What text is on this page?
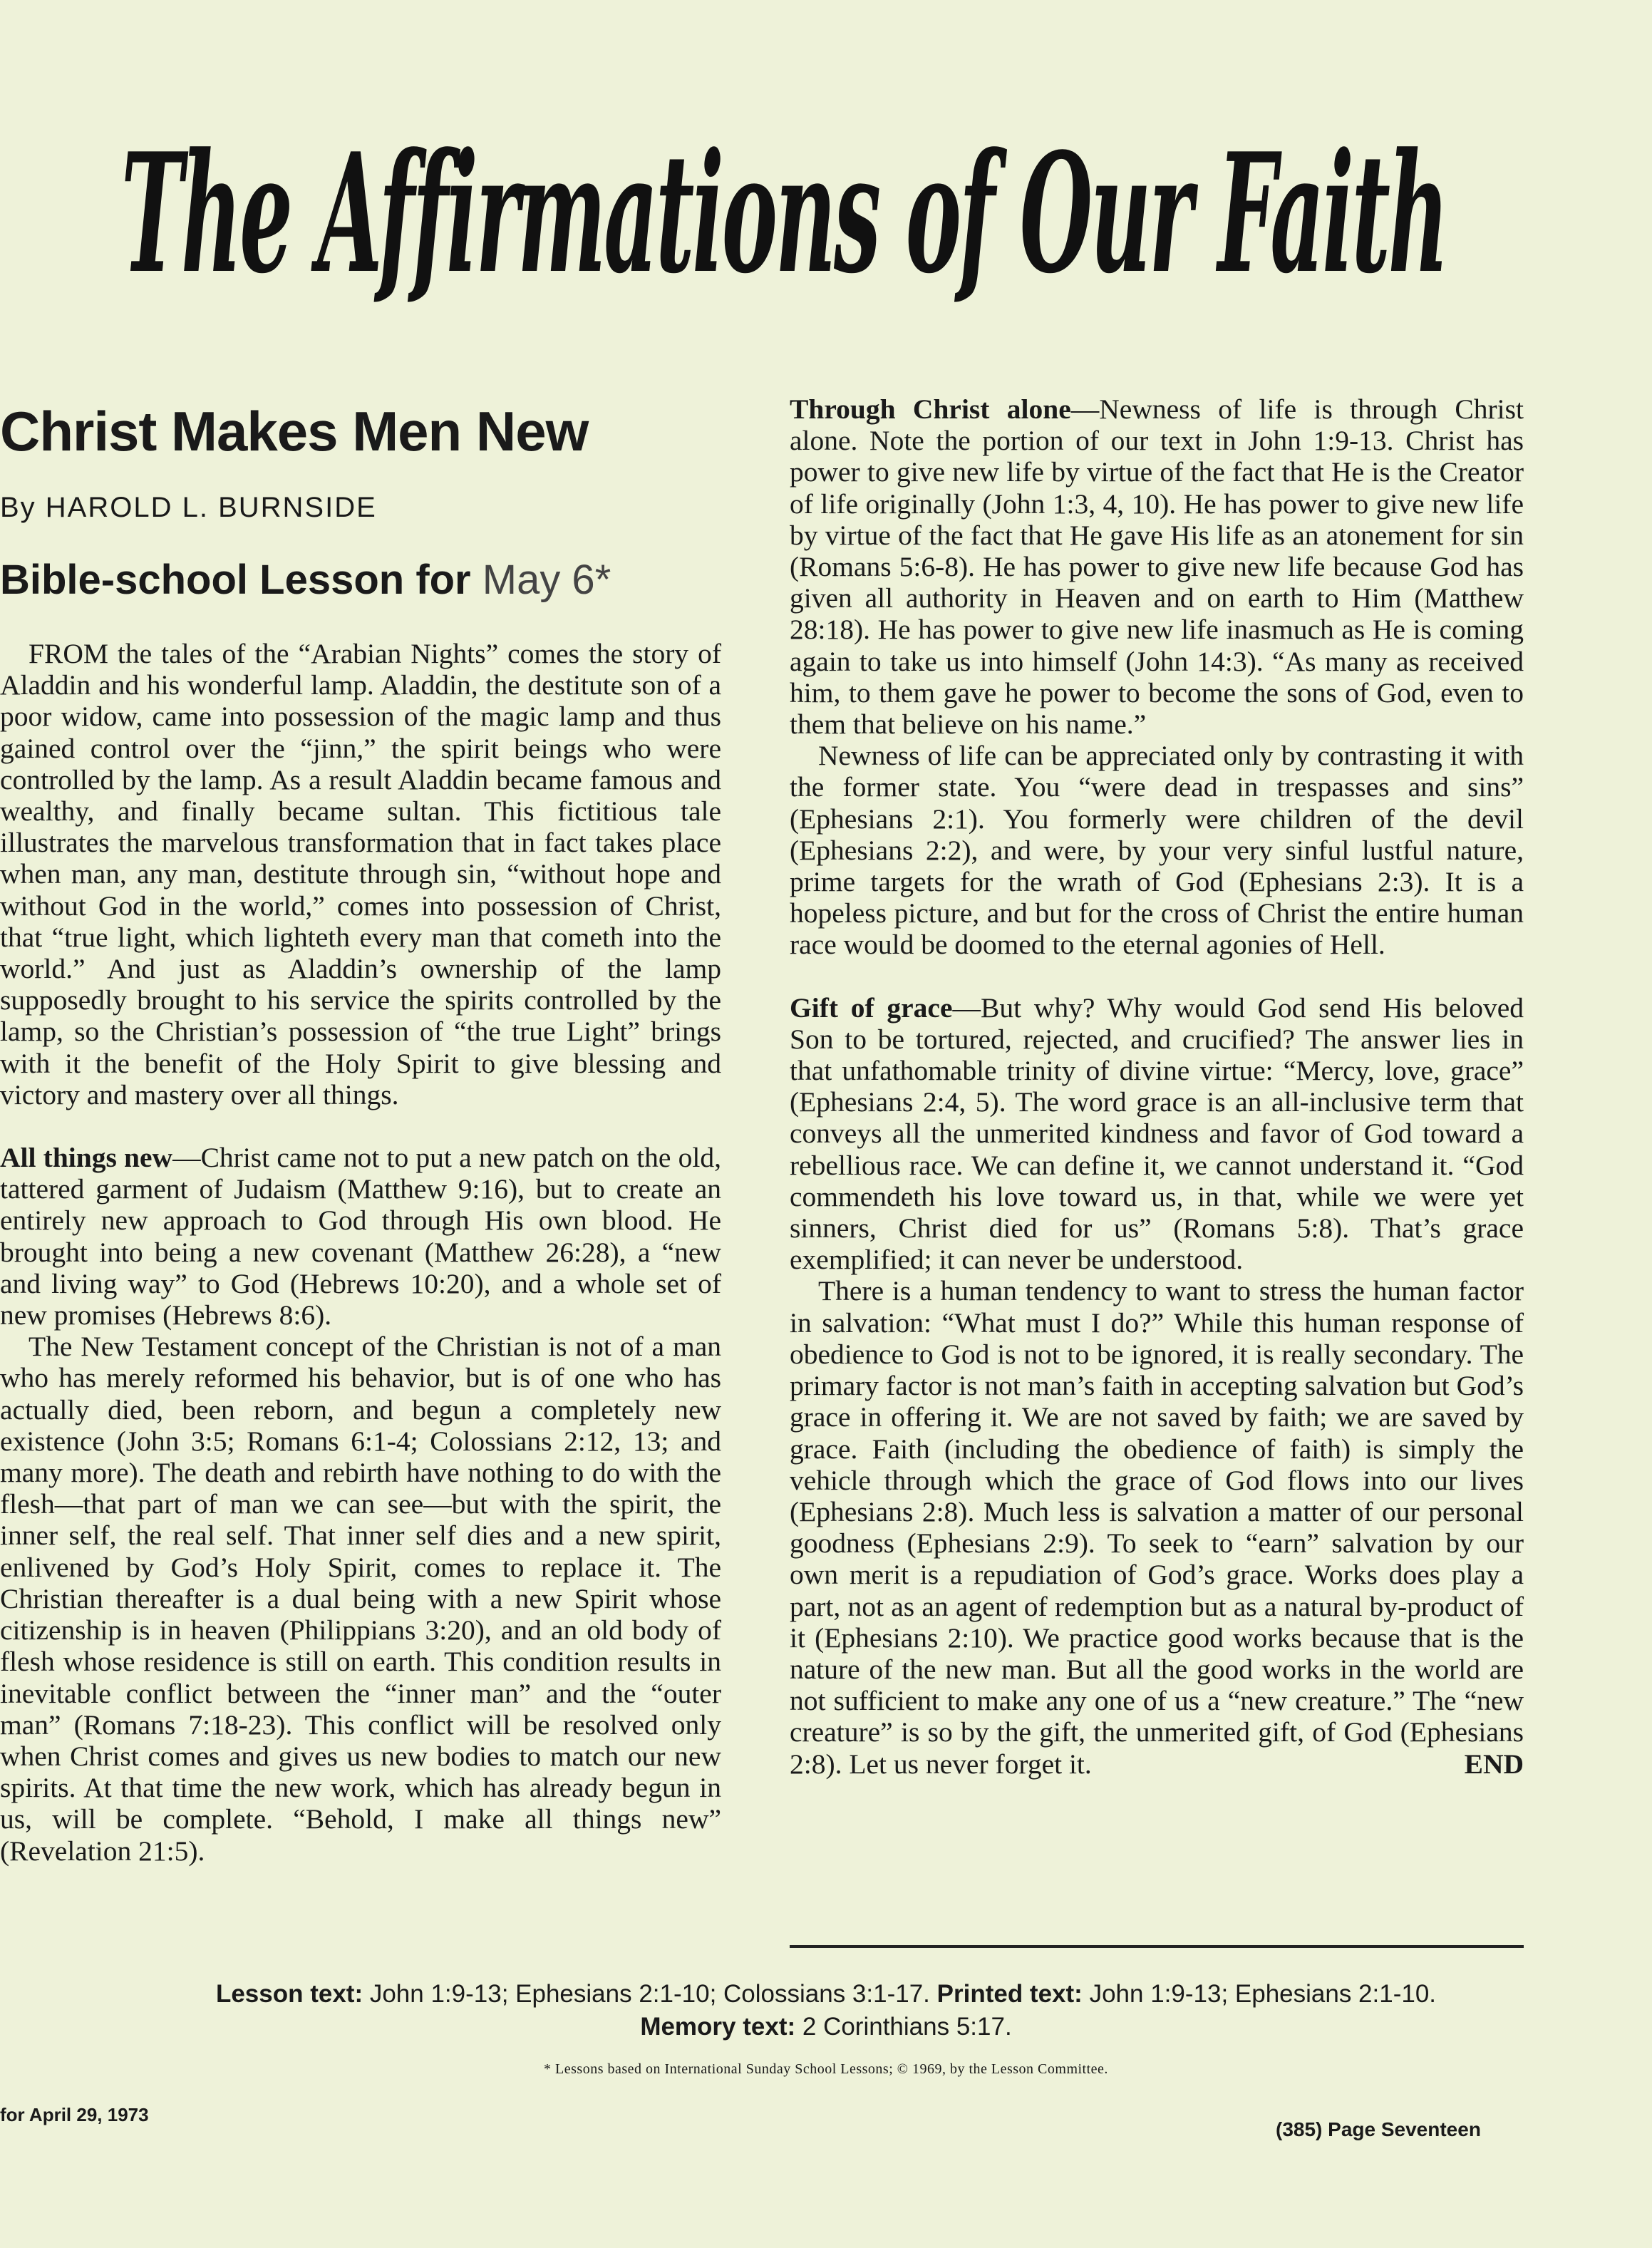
The Affirmations of Our Faith
Christ Makes Men New
By HAROLD L. BURNSIDE
Bible-school Lesson for May 6*

FROM the tales of the “Arabian Nights” comes the story of Aladdin and his wonderful lamp. Aladdin, the destitute son of a poor widow, came into possession of the magic lamp and thus gained control over the “jinn,” the spirit beings who were controlled by the lamp. As a result Aladdin became famous and wealthy, and finally became sultan. This fictitious tale illustrates the marvelous transformation that in fact takes place when man, any man, destitute through sin, “without hope and without God in the world,” comes into possession of Christ, that “true light, which lighteth every man that cometh into the world.” And just as Aladdin’s ownership of the lamp supposedly brought to his service the spirits controlled by the lamp, so the Christian’s possession of “the true Light” brings with it the benefit of the Holy Spirit to give blessing and victory and mastery over all things.

All things new—Christ came not to put a new patch on the old, tattered garment of Judaism (Matthew 9:16), but to create an entirely new approach to God through His own blood. He brought into being a new covenant (Matthew 26:28), a “new and living way” to God (Hebrews 10:20), and a whole set of new promises (Hebrews 8:6).

The New Testament concept of the Christian is not of a man who has merely reformed his behavior, but is of one who has actually died, been reborn, and begun a completely new existence (John 3:5; Romans 6:1-4; Colossians 2:12, 13; and many more). The death and rebirth have nothing to do with the flesh—that part of man we can see—but with the spirit, the inner self, the real self. That inner self dies and a new spirit, enlivened by God’s Holy Spirit, comes to replace it. The Christian thereafter is a dual being with a new Spirit whose citizenship is in heaven (Philippians 3:20), and an old body of flesh whose residence is still on earth. This condition results in inevitable conflict between the “inner man” and the “outer man” (Romans 7:18-23). This conflict will be resolved only when Christ comes and gives us new bodies to match our new spirits. At that time the new work, which has already begun in us, will be complete. “Behold, I make all things new” (Revelation 21:5).

Through Christ alone—Newness of life is through Christ alone. Note the portion of our text in John 1:9-13. Christ has power to give new life by virtue of the fact that He is the Creator of life originally (John 1:3, 4, 10). He has power to give new life by virtue of the fact that He gave His life as an atonement for sin (Romans 5:6-8). He has power to give new life because God has given all authority in Heaven and on earth to Him (Matthew 28:18). He has power to give new life inasmuch as He is coming again to take us into himself (John 14:3). “As many as received him, to them gave he power to become the sons of God, even to them that believe on his name.”

Newness of life can be appreciated only by contrasting it with the former state. You “were dead in trespasses and sins” (Ephesians 2:1). You formerly were children of the devil (Ephesians 2:2), and were, by your very sinful lustful nature, prime targets for the wrath of God (Ephesians 2:3). It is a hopeless picture, and but for the cross of Christ the entire human race would be doomed to the eternal agonies of Hell.

Gift of grace—But why? Why would God send His beloved Son to be tortured, rejected, and crucified? The answer lies in that unfathomable trinity of divine virtue: “Mercy, love, grace” (Ephesians 2:4, 5). The word grace is an all-inclusive term that conveys all the unmerited kindness and favor of God toward a rebellious race. We can define it, we cannot understand it. “God commendeth his love toward us, in that, while we were yet sinners, Christ died for us” (Romans 5:8). That’s grace exemplified; it can never be understood.

There is a human tendency to want to stress the human factor in salvation: “What must I do?” While this human response of obedience to God is not to be ignored, it is really secondary. The primary factor is not man’s faith in accepting salvation but God’s grace in offering it. We are not saved by faith; we are saved by grace. Faith (including the obedience of faith) is simply the vehicle through which the grace of God flows into our lives (Ephesians 2:8). Much less is salvation a matter of our personal goodness (Ephesians 2:9). To seek to “earn” salvation by our own merit is a repudiation of God’s grace. Works does play a part, not as an agent of redemption but as a natural by-product of it (Ephesians 2:10). We practice good works because that is the nature of the new man. But all the good works in the world are not sufficient to make any one of us a “new creature.” The “new creature” is so by the gift, the unmerited gift, of God (Ephesians 2:8). Let us never forget it.	END

Lesson text: John 1:9-13; Ephesians 2:1-10; Colossians 3:1-17. Printed text: John 1:9-13; Ephesians 2:1-10.
Memory text: 2 Corinthians 5:17.
* Lessons based on International Sunday School Lessons; © 1969, by the Lesson Committee.
for April 29, 1973
(385) Page Seventeen
